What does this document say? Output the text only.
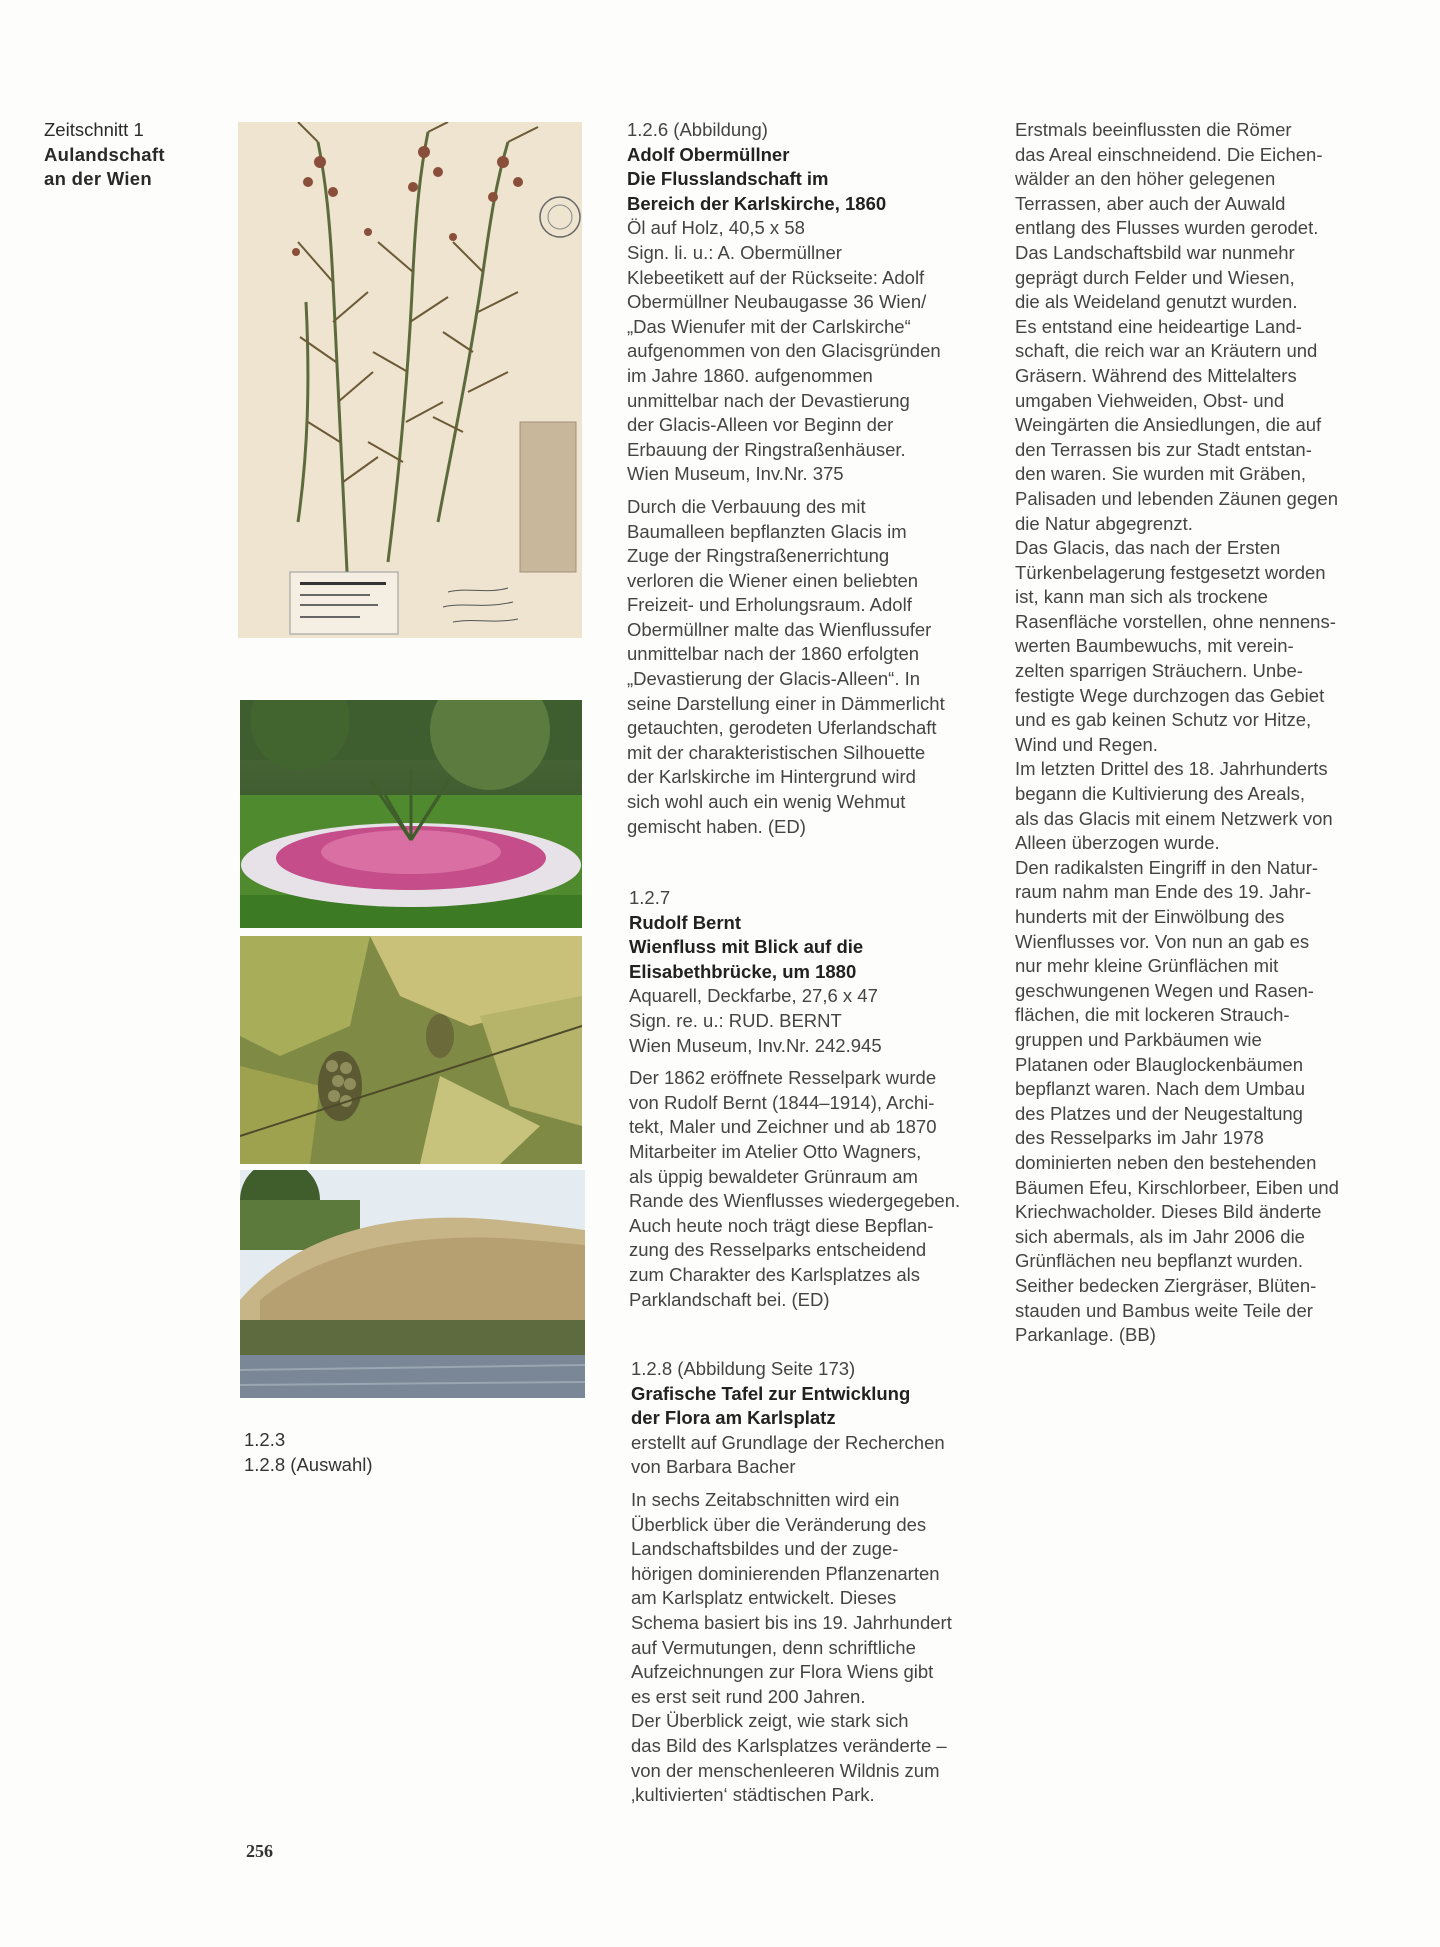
Zeitschnitt 1
Aulandschaft
an der Wien
1.2.3
1.2.8 (Auswahl)
1.2.6 (Abbildung)
Adolf Obermüllner
Die Flusslandschaft im
Bereich der Karlskirche, 1860
Öl auf Holz, 40,5 x 58
Sign. li. u.: A. Obermüllner
Klebeetikett auf der Rückseite: Adolf
Obermüllner Neubaugasse 36 Wien/
„Das Wienufer mit der Carlskirche“
aufgenommen von den Glacisgründen
im Jahre 1860. aufgenommen
unmittelbar nach der Devastierung
der Glacis-Alleen vor Beginn der
Erbauung der Ringstraßenhäuser.
Wien Museum, Inv.Nr. 375
Durch die Verbauung des mit
Baumalleen bepflanzten Glacis im
Zuge der Ringstraßenerrichtung
verloren die Wiener einen beliebten
Freizeit- und Erholungsraum. Adolf
Obermüllner malte das Wienflussufer
unmittelbar nach der 1860 erfolgten
„Devastierung der Glacis-Alleen“. In
seine Darstellung einer in Dämmerlicht
getauchten, gerodeten Uferlandschaft
mit der charakteristischen Silhouette
der Karlskirche im Hintergrund wird
sich wohl auch ein wenig Wehmut
gemischt haben. (ED)
1.2.7
Rudolf Bernt
Wienfluss mit Blick auf die
Elisabethbrücke, um 1880
Aquarell, Deckfarbe, 27,6 x 47
Sign. re. u.: RUD. BERNT
Wien Museum, Inv.Nr. 242.945
Der 1862 eröffnete Resselpark wurde
von Rudolf Bernt (1844–1914), Archi-
tekt, Maler und Zeichner und ab 1870
Mitarbeiter im Atelier Otto Wagners,
als üppig bewaldeter Grünraum am
Rande des Wienflusses wiedergegeben.
Auch heute noch trägt diese Bepflan-
zung des Resselparks entscheidend
zum Charakter des Karlsplatzes als
Parklandschaft bei. (ED)
1.2.8 (Abbildung Seite 173)
Grafische Tafel zur Entwicklung
der Flora am Karlsplatz
erstellt auf Grundlage der Recherchen
von Barbara Bacher
In sechs Zeitabschnitten wird ein
Überblick über die Veränderung des
Landschaftsbildes und der zuge-
hörigen dominierenden Pflanzenarten
am Karlsplatz entwickelt. Dieses
Schema basiert bis ins 19. Jahrhundert
auf Vermutungen, denn schriftliche
Aufzeichnungen zur Flora Wiens gibt
es erst seit rund 200 Jahren.
Der Überblick zeigt, wie stark sich
das Bild des Karlsplatzes veränderte –
von der menschenleeren Wildnis zum
‚kultivierten‘ städtischen Park.
Erstmals beeinflussten die Römer
das Areal einschneidend. Die Eichen-
wälder an den höher gelegenen
Terrassen, aber auch der Auwald
entlang des Flusses wurden gerodet.
Das Landschaftsbild war nunmehr
geprägt durch Felder und Wiesen,
die als Weideland genutzt wurden.
Es entstand eine heideartige Land-
schaft, die reich war an Kräutern und
Gräsern. Während des Mittelalters
umgaben Viehweiden, Obst- und
Weingärten die Ansiedlungen, die auf
den Terrassen bis zur Stadt entstan-
den waren. Sie wurden mit Gräben,
Palisaden und lebenden Zäunen gegen
die Natur abgegrenzt.
Das Glacis, das nach der Ersten
Türkenbelagerung festgesetzt worden
ist, kann man sich als trockene
Rasenfläche vorstellen, ohne nennens-
werten Baumbewuchs, mit verein-
zelten sparrigen Sträuchern. Unbe-
festigte Wege durchzogen das Gebiet
und es gab keinen Schutz vor Hitze,
Wind und Regen.
Im letzten Drittel des 18. Jahrhunderts
begann die Kultivierung des Areals,
als das Glacis mit einem Netzwerk von
Alleen überzogen wurde.
Den radikalsten Eingriff in den Natur-
raum nahm man Ende des 19. Jahr-
hunderts mit der Einwölbung des
Wienflusses vor. Von nun an gab es
nur mehr kleine Grünflächen mit
geschwungenen Wegen und Rasen-
flächen, die mit lockeren Strauch-
gruppen und Parkbäumen wie
Platanen oder Blauglockenbäumen
bepflanzt waren. Nach dem Umbau
des Platzes und der Neugestaltung
des Resselparks im Jahr 1978
dominierten neben den bestehenden
Bäumen Efeu, Kirschlorbeer, Eiben und
Kriechwacholder. Dieses Bild änderte
sich abermals, als im Jahr 2006 die
Grünflächen neu bepflanzt wurden.
Seither bedecken Ziergräser, Blüten-
stauden und Bambus weite Teile der
Parkanlage. (BB)
256
